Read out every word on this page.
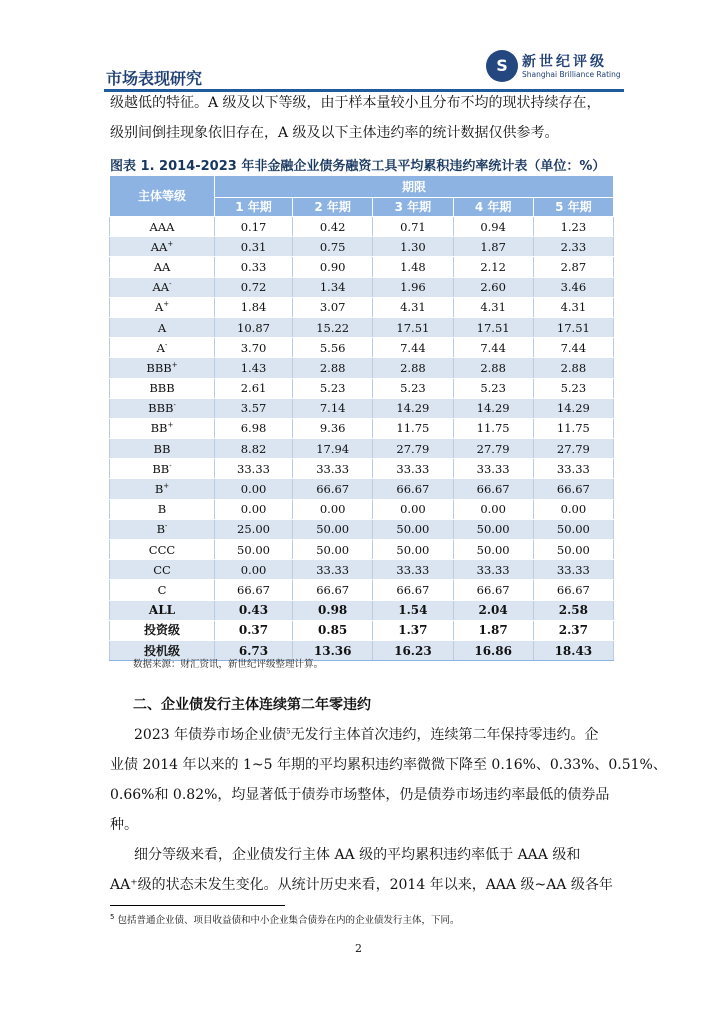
市场表现研究
S	新世纪评级
Shanghai Brilliance Rating
级越低的特征。A 级及以下等级，由于样本量较小且分布不均的现状持续存在，
级别间倒挂现象依旧存在，A 级及以下主体违约率的统计数据仅供参考。
图表 1. 2014-2023 年非金融企业债务融资工具平均累积违约率统计表（单位：%）
主体等级	期限				
	1 年期	2 年期	3 年期	4 年期	5 年期
AAA	0.17	0.42	0.71	0.94	1.23
AA+	0.31	0.75	1.30	1.87	2.33
AA	0.33	0.90	1.48	2.12	2.87
AA-	0.72	1.34	1.96	2.60	3.46
A+	1.84	3.07	4.31	4.31	4.31
A	10.87	15.22	17.51	17.51	17.51
A-	3.70	5.56	7.44	7.44	7.44
BBB+	1.43	2.88	2.88	2.88	2.88
BBB	2.61	5.23	5.23	5.23	5.23
BBB-	3.57	7.14	14.29	14.29	14.29
BB+	6.98	9.36	11.75	11.75	11.75
BB	8.82	17.94	27.79	27.79	27.79
BB-	33.33	33.33	33.33	33.33	33.33
B+	0.00	66.67	66.67	66.67	66.67
B	0.00	0.00	0.00	0.00	0.00
B-	25.00	50.00	50.00	50.00	50.00
CCC	50.00	50.00	50.00	50.00	50.00
CC	0.00	33.33	33.33	33.33	33.33
C	66.67	66.67	66.67	66.67	66.67
ALL	0.43	0.98	1.54	2.04	2.58
投资级	0.37	0.85	1.37	1.87	2.37
投机级	6.73	13.36	16.23	16.86	18.43
数据来源：财汇资讯，新世纪评级整理计算。
二、企业债发行主体连续第二年零违约
2023 年债券市场企业债$^5$无发行主体首次违约，连续第二年保持零违约。企
业债 2014 年以来的 1~5 年期的平均累积违约率微微下降至 0.16%、0.33%、0.51%、
0.66%和 0.82%，均显著低于债券市场整体，仍是债券市场违约率最低的债券品
种。
细分等级来看，企业债发行主体 AA 级的平均累积违约率低于 AAA 级和
AA⁺级的状态未发生变化。从统计历史来看，2014 年以来，AAA 级~AA 级各年
$^5$ 包括普通企业债、项目收益债和中小企业集合债券在内的企业债发行主体，下同。
2
